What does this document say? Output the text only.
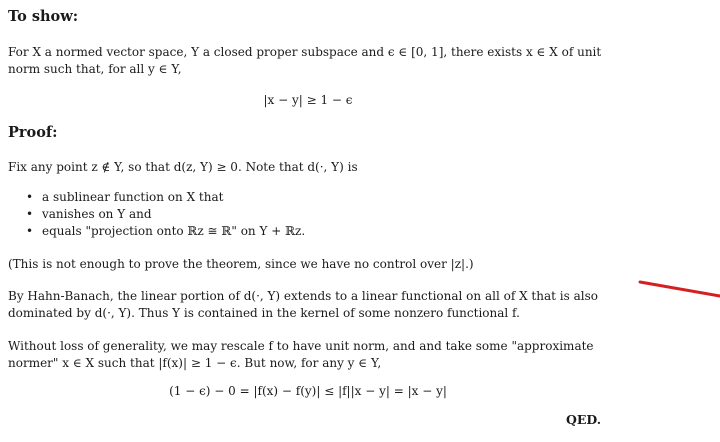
To show:
For X a normed vector space, Y a closed proper subspace and ϵ ∈ [0, 1], there exists x ∈ X of unit
norm such that, for all y ∈ Y,
|x − y| ≥ 1 − ϵ
Proof:
Fix any point z ∉ Y, so that d(z, Y) ≥ 0. Note that d(·, Y) is
• a sublinear function on X that
• vanishes on Y and
• equals "projection onto ℝz ≅ ℝ" on Y + ℝz.
(This is not enough to prove the theorem, since we have no control over |z|.)
By Hahn-Banach, the linear portion of d(·, Y) extends to a linear functional on all of X that is also
dominated by d(·, Y). Thus Y is contained in the kernel of some nonzero functional f.
Without loss of generality, we may rescale f to have unit norm, and and take some "approximate
normer" x ∈ X such that |f(x)| ≥ 1 − ϵ. But now, for any y ∈ Y,
(1 − ϵ) − 0 = |f(x) − f(y)| ≤ |f||x − y| = |x − y|
QED.
